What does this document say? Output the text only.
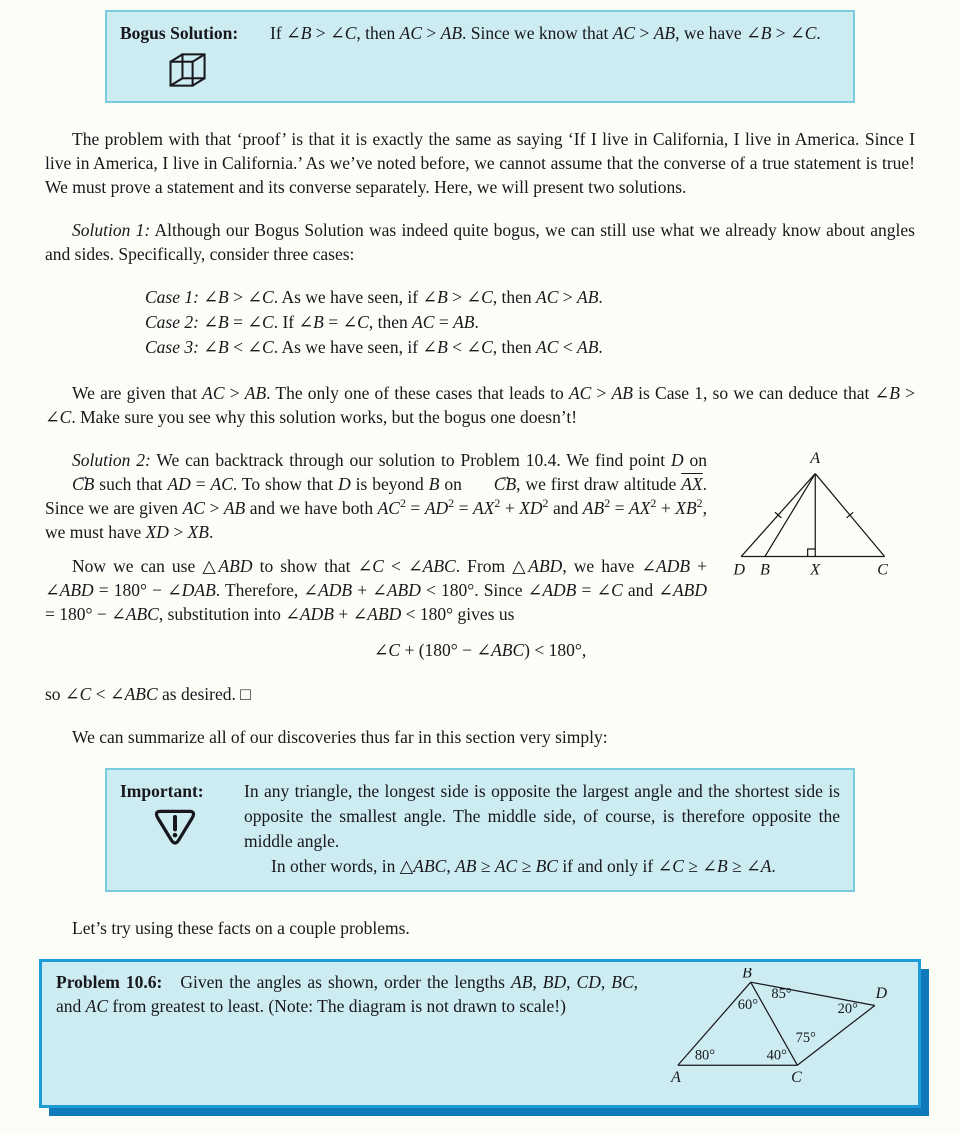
Bogus Solution:	If ∠B > ∠C, then AC > AB. Since we know that AC > AB, we have ∠B > ∠C.

The problem with that ‘proof’ is that it is exactly the same as saying ‘If I live in California, I live in America. Since I live in America, I live in California.’ As we’ve noted before, we cannot assume that the converse of a true statement is true! We must prove a statement and its converse separately. Here, we will present two solutions.

Solution 1: Although our Bogus Solution was indeed quite bogus, we can still use what we already know about angles and sides. Specifically, consider three cases:

Case 1: ∠B > ∠C. As we have seen, if ∠B > ∠C, then AC > AB.
Case 2: ∠B = ∠C. If ∠B = ∠C, then AC = AB.
Case 3: ∠B < ∠C. As we have seen, if ∠B < ∠C, then AC < AB.

We are given that AC > AB. The only one of these cases that leads to AC > AB is Case 1, so we can deduce that ∠B > ∠C. Make sure you see why this solution works, but the bogus one doesn’t!

A
D B X	C

Solution 2: We can backtrack through our solution to Problem 10.4. We find point D on CB → such that AD = AC. To show that D is beyond B on CB →, we first draw altitude $\overline{AX}$. Since we are given AC > AB and we have both $AC^2 = AD^2 = AX^2 + XD^2$ and $AB^2 = AX^2 + XB^2$, we must have XD > XB.

Now we can use △ABD to show that ∠C < ∠ABC. From △ABD, we have ∠ADB + ∠ABD = 180° − ∠DAB. Therefore, ∠ADB + ∠ABD < 180°. Since ∠ADB = ∠C and ∠ABD = 180° − ∠ABC, substitution into ∠ADB + ∠ABD < 180° gives us

∠C + (180° − ∠ABC) < 180°,

so ∠C < ∠ABC as desired. □

We can summarize all of our discoveries thus far in this section very simply:

Important:	In any triangle, the longest side is opposite the largest angle and the shortest side is opposite the smallest angle. The middle side, of course, is therefore opposite the middle angle.
In other words, in △ABC, AB ≥ AC ≥ BC if and only if ∠C ≥ ∠B ≥ ∠A.

Let’s try using these facts on a couple problems.

B
D
A	C
60°
85°
20°
75°
80°	40°

Problem 10.6: Given the angles as shown, order the lengths AB, BD, CD, BC, and AC from greatest to least. (Note: The diagram is not drawn to scale!)
